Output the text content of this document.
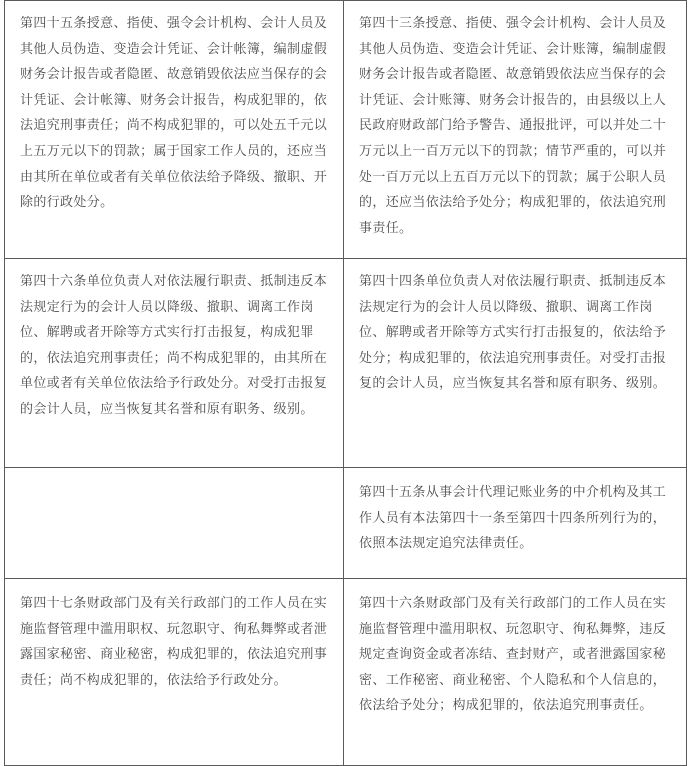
第四十五条授意、指使、强令会计机构、会计人员及其他人员伪造、变造会计凭证、会计帐簿，编制虚假财务会计报告或者隐匿、故意销毁依法应当保存的会计凭证、会计帐簿、财务会计报告，构成犯罪的，依法追究刑事责任；尚不构成犯罪的，可以处五千元以上五万元以下的罚款；属于国家工作人员的，还应当由其所在单位或者有关单位依法给予降级、撤职、开除的行政处分。	第四十三条授意、指使、强令会计机构、会计人员及其他人员伪造、变造会计凭证、会计账簿，编制虚假财务会计报告或者隐匿、故意销毁依法应当保存的会计凭证、会计账簿、财务会计报告的，由县级以上人民政府财政部门给予警告、通报批评，可以并处二十万元以上一百万元以下的罚款；情节严重的，可以并处一百万元以上五百万元以下的罚款；属于公职人员的，还应当依法给予处分；构成犯罪的，依法追究刑事责任。
第四十六条单位负责人对依法履行职责、抵制违反本法规定行为的会计人员以降级、撤职、调离工作岗位、解聘或者开除等方式实行打击报复，构成犯罪的，依法追究刑事责任；尚不构成犯罪的，由其所在单位或者有关单位依法给予行政处分。对受打击报复的会计人员，应当恢复其名誉和原有职务、级别。	第四十四条单位负责人对依法履行职责、抵制违反本法规定行为的会计人员以降级、撤职、调离工作岗位、解聘或者开除等方式实行打击报复的，依法给予处分；构成犯罪的，依法追究刑事责任。对受打击报复的会计人员，应当恢复其名誉和原有职务、级别。
	第四十五条从事会计代理记账业务的中介机构及其工作人员有本法第四十一条至第四十四条所列行为的，依照本法规定追究法律责任。
第四十七条财政部门及有关行政部门的工作人员在实施监督管理中滥用职权、玩忽职守、徇私舞弊或者泄露国家秘密、商业秘密，构成犯罪的，依法追究刑事责任；尚不构成犯罪的，依法给予行政处分。	第四十六条财政部门及有关行政部门的工作人员在实施监督管理中滥用职权、玩忽职守、徇私舞弊，违反规定查询资金或者冻结、查封财产，或者泄露国家秘密、工作秘密、商业秘密、个人隐私和个人信息的，依法给予处分；构成犯罪的，依法追究刑事责任。
